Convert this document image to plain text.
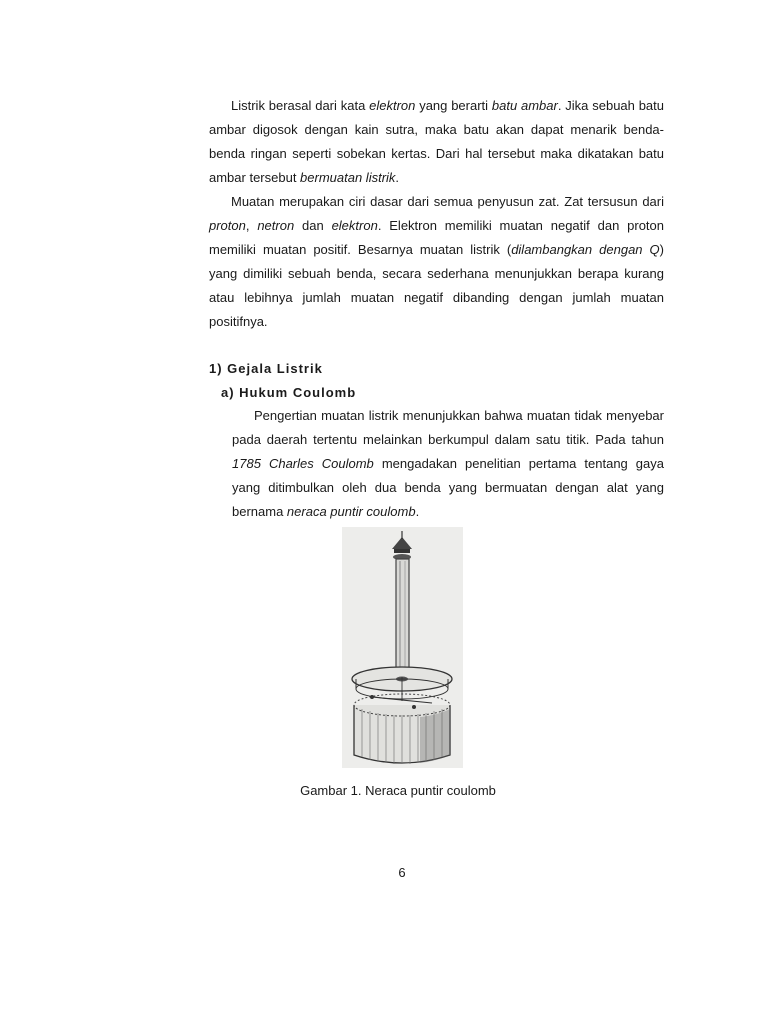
Listrik berasal dari kata elektron yang berarti batu ambar. Jika sebuah batu ambar digosok dengan kain sutra, maka batu akan dapat menarik benda-benda ringan seperti sobekan kertas. Dari hal tersebut maka dikatakan batu ambar tersebut bermuatan listrik.

Muatan merupakan ciri dasar dari semua penyusun zat. Zat tersusun dari proton, netron dan elektron. Elektron memiliki muatan negatif dan proton memiliki muatan positif. Besarnya muatan listrik (dilambangkan dengan Q) yang dimiliki sebuah benda, secara sederhana menunjukkan berapa kurang atau lebihnya jumlah muatan negatif dibanding dengan jumlah muatan positifnya.

1) Gejala Listrik

a) Hukum Coulomb

Pengertian muatan listrik menunjukkan bahwa muatan tidak menyebar pada daerah tertentu melainkan berkumpul dalam satu titik. Pada tahun 1785 Charles Coulomb mengadakan penelitian pertama tentang gaya yang ditimbulkan oleh dua benda yang bermuatan dengan alat yang bernama neraca puntir coulomb.

Gambar 1. Neraca puntir coulomb
6
